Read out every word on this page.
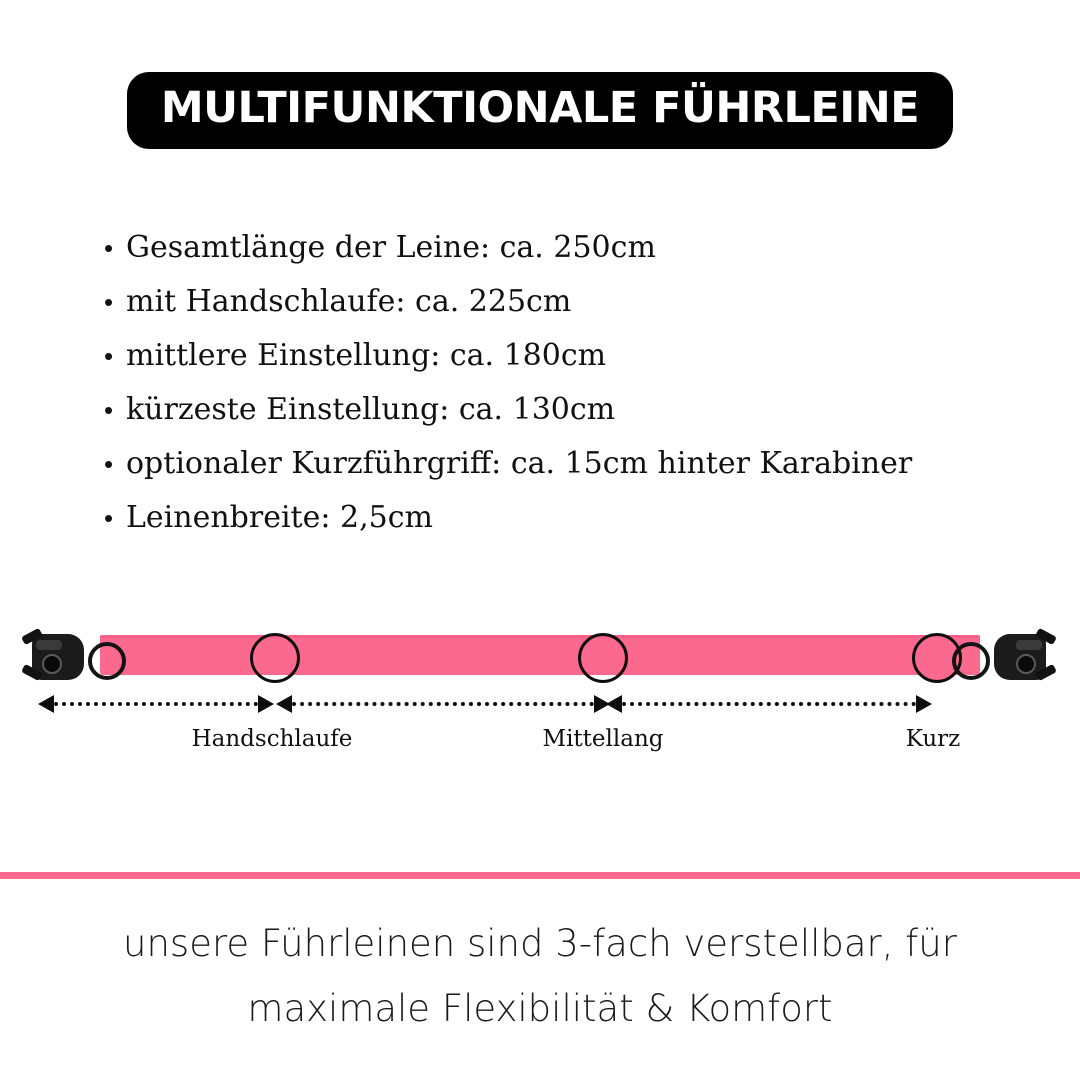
MULTIFUNKTIONALE FÜHRLEINE
• Gesamtlänge der Leine: ca. 250cm
• mit Handschlaufe: ca. 225cm
• mittlere Einstellung: ca. 180cm
• kürzeste Einstellung: ca. 130cm
• optionaler Kurzführgriff: ca. 15cm hinter Karabiner
• Leinenbreite: 2,5cm
Handschlaufe	Mittellang	Kurz

unsere Führleinen sind 3-fach verstellbar, für

maximale Flexibilität & Komfort
